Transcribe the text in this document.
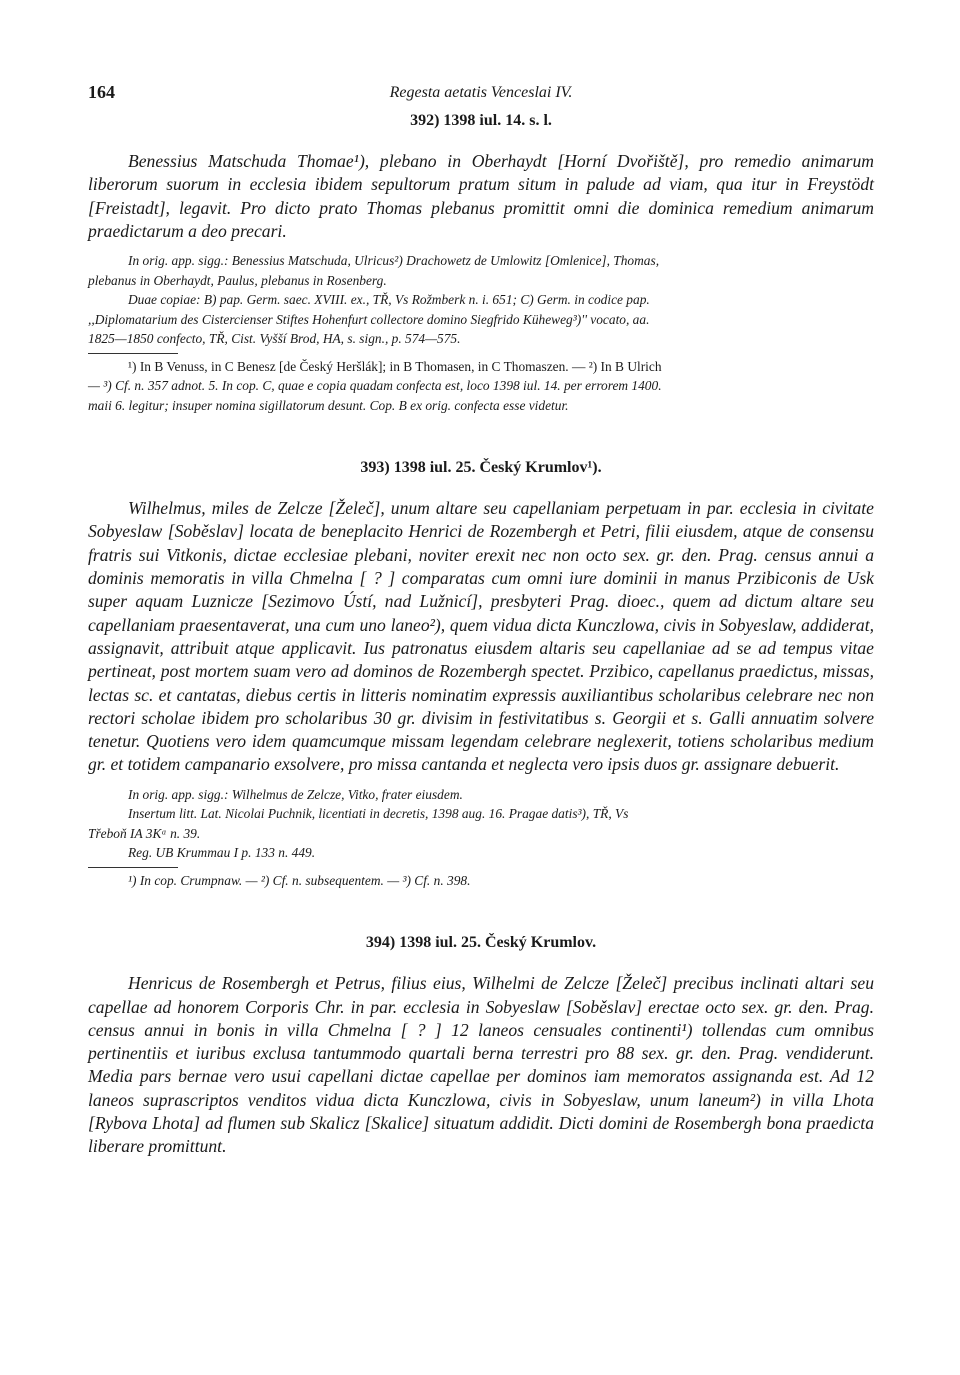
164	Regesta aetatis Venceslai IV.

392) 1398 iul. 14. s. l.

Benessius Matschuda Thomae¹), plebano in Oberhaydt [Horní Dvořiště], pro remedio animarum liberorum suorum in ecclesia ibidem sepultorum pratum situm in palude ad viam, qua itur in Freystödt [Freistadt], legavit. Pro dicto prato Thomas plebanus promittit omni die dominica remedium animarum praedictarum a deo precari.

In orig. app. sigg.: Benessius Matschuda, Ulricus²) Drachowetz de Umlowitz [Omlenice], Thomas,
plebanus in Oberhaydt, Paulus, plebanus in Rosenberg.
Duae copiae: B) pap. Germ. saec. XVIII. ex., TŘ, Vs Rožmberk n. i. 651; C) Germ. in codice pap.
,,Diplomatarium des Cistercienser Stiftes Hohenfurt collectore domino Siegfrido Küheweg³)'' vocato, aa.
1825—1850 confecto, TŘ, Cist. Vyšší Brod, HA, s. sign., p. 574—575.
¹) In B Venuss, in C Benesz [de Český Heršlák]; in B Thomasen, in C Thomaszen. — ²) In B Ulrich
— ³) Cf. n. 357 adnot. 5. In cop. C, quae e copia quadam confecta est, loco 1398 iul. 14. per errorem 1400.
maii 6. legitur; insuper nomina sigillatorum desunt. Cop. B ex orig. confecta esse videtur.

393) 1398 iul. 25. Český Krumlov¹).

Wilhelmus, miles de Zelcze [Želeč], unum altare seu capellaniam perpetuam in par. ecclesia in civitate Sobyeslaw [Soběslav] locata de beneplacito Henrici de Rozembergh et Petri, filii eiusdem, atque de consensu fratris sui Vitkonis, dictae ecclesiae plebani, noviter erexit nec non octo sex. gr. den. Prag. census annui a dominis memoratis in villa Chmelna [ ? ] comparatas cum omni iure dominii in manus Przibiconis de Usk super aquam Luznicze [Sezimovo Ústí, nad Lužnicí], presbyteri Prag. dioec., quem ad dictum altare seu capellaniam praesentaverat, una cum uno laneo²), quem vidua dicta Kunczlowa, civis in Sobyeslaw, addiderat, assignavit, attribuit atque applicavit. Ius patronatus eiusdem altaris seu capellaniae ad se ad tempus vitae pertineat, post mortem suam vero ad dominos de Rozembergh spectet. Przibico, capellanus praedictus, missas, lectas sc. et cantatas, diebus certis in litteris nominatim expressis auxiliantibus scholaribus celebrare nec non rectori scholae ibidem pro scholaribus 30 gr. divisim in festivitatibus s. Georgii et s. Galli annuatim solvere tenetur. Quotiens vero idem quamcumque missam legendam celebrare neglexerit, totiens scholaribus medium gr. et totidem campanario exsolvere, pro missa cantanda et neglecta vero ipsis duos gr. assignare debuerit.

In orig. app. sigg.: Wilhelmus de Zelcze, Vitko, frater eiusdem.
Insertum litt. Lat. Nicolai Puchnik, licentiati in decretis, 1398 aug. 16. Pragae datis³), TŘ, Vs
Třeboň IA 3Kᵅ n. 39.
Reg. UB Krummau I p. 133 n. 449.
¹) In cop. Crumpnaw. — ²) Cf. n. subsequentem. — ³) Cf. n. 398.

394) 1398 iul. 25. Český Krumlov.

Henricus de Rosembergh et Petrus, filius eius, Wilhelmi de Zelcze [Želeč] precibus inclinati altari seu capellae ad honorem Corporis Chr. in par. ecclesia in Sobyeslaw [Soběslav] erectae octo sex. gr. den. Prag. census annui in bonis in villa Chmelna [ ? ] 12 laneos censuales continenti¹) tollendas cum omnibus pertinentiis et iuribus exclusa tantummodo quartali berna terrestri pro 88 sex. gr. den. Prag. vendiderunt. Media pars bernae vero usui capellani dictae capellae per dominos iam memoratos assignanda est. Ad 12 laneos suprascriptos venditos vidua dicta Kunczlowa, civis in Sobyeslaw, unum laneum²) in villa Lhota [Rybova Lhota] ad flumen sub Skalicz [Skalice] situatum addidit. Dicti domini de Rosembergh bona praedicta liberare promittunt.
